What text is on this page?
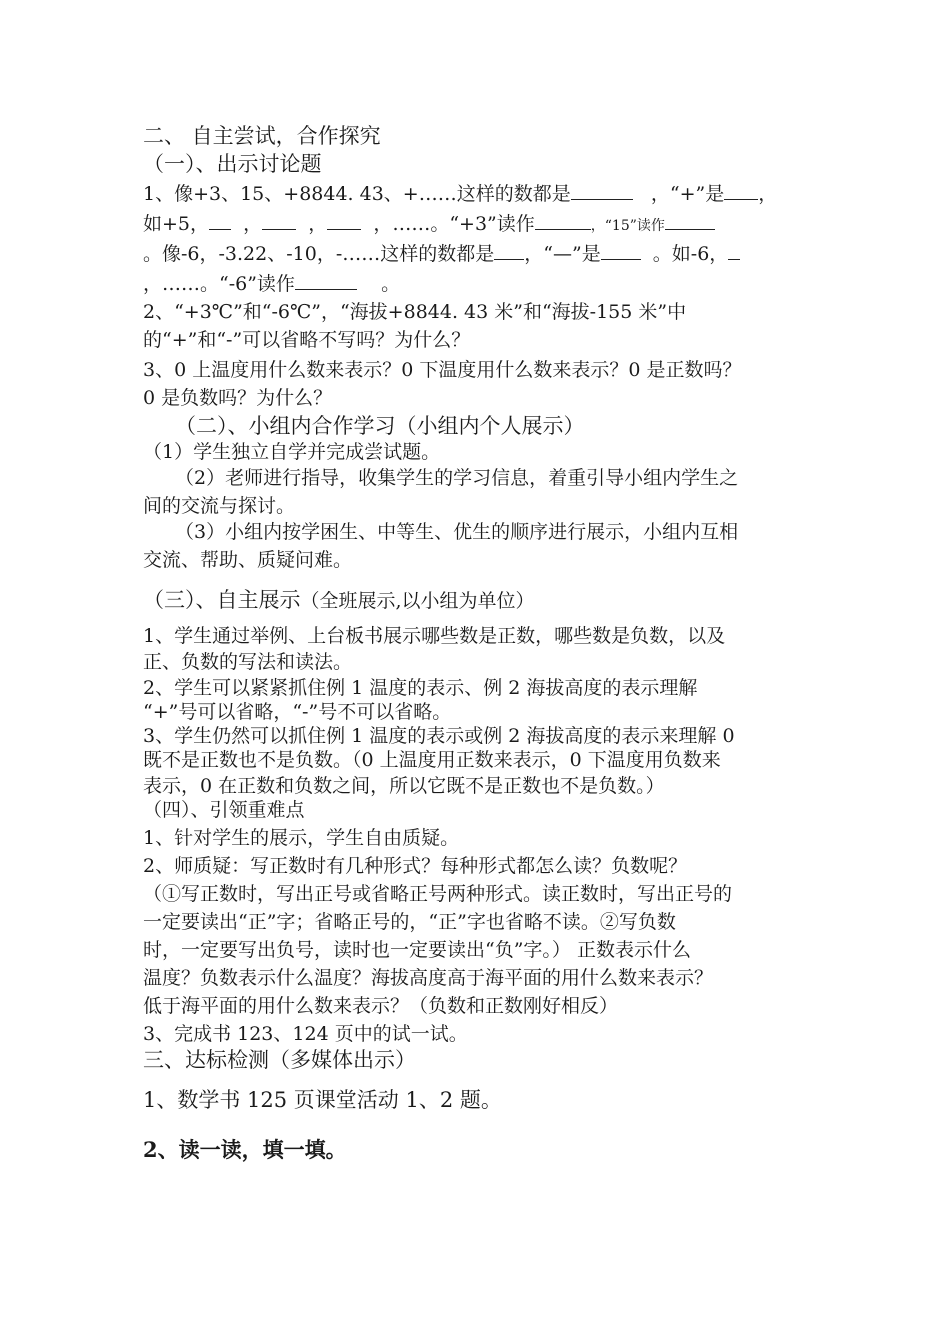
二、 自主尝试，合作探究
（一）、出示讨论题
1、像+3、15、+8844. 43、+……这样的数都是	，“+”是 ，
如+5， ， ， ，……。“+3”读作	，“15”读作
。像-6，-3.22、-10，-……这样的数都是 ，“—”是	。如-6，
，……。“-6”读作	。
2、“+3℃”和“-6℃”，“海拔+8844. 43 米”和“海拔-155 米”中
的“+”和“-”可以省略不写吗？为什么？
3、0 上温度用什么数来表示？0 下温度用什么数来表示？0 是正数吗？
0 是负数吗？为什么？
（二）、小组内合作学习（小组内个人展示）
（1）学生独立自学并完成尝试题。
（2）老师进行指导，收集学生的学习信息，着重引导小组内学生之
间的交流与探讨。
（3）小组内按学困生、中等生、优生的顺序进行展示，小组内互相
交流、帮助、质疑问难。
（三）、自主展示（全班展示,以小组为单位）
1、学生通过举例、上台板书展示哪些数是正数，哪些数是负数，以及
正、负数的写法和读法。
2、学生可以紧紧抓住例 1 温度的表示、例 2 海拔高度的表示理解
“+”号可以省略，“-”号不可以省略。
3、学生仍然可以抓住例 1 温度的表示或例 2 海拔高度的表示来理解 0
既不是正数也不是负数。（0 上温度用正数来表示，0 下温度用负数来
表示，0 在正数和负数之间，所以它既不是正数也不是负数。）
（四）、引领重难点
1、针对学生的展示，学生自由质疑。
2、师质疑：写正数时有几种形式？每种形式都怎么读？负数呢？
（①写正数时，写出正号或省略正号两种形式。读正数时，写出正号的
一定要读出“正”字；省略正号的，“正”字也省略不读。②写负数
时，一定要写出负号，读时也一定要读出“负”字。） 正数表示什么
温度？负数表示什么温度？海拔高度高于海平面的用什么数来表示？
低于海平面的用什么数来表示？（负数和正数刚好相反）
3、完成书 123、124 页中的试一试。
三、达标检测（多媒体出示）
1、数学书 125 页课堂活动 1、2 题。
2、读一读，填一填。
